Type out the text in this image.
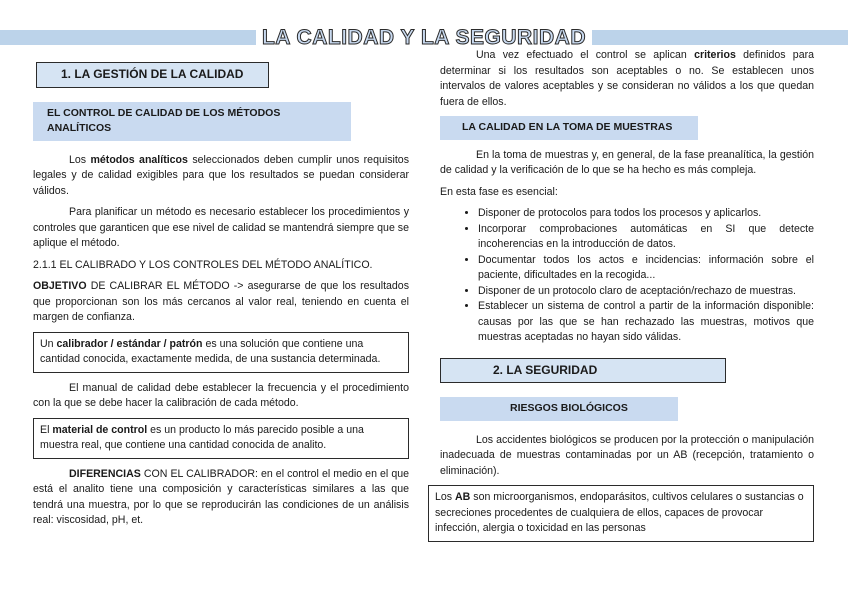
LA CALIDAD Y LA SEGURIDAD
1. LA GESTIÓN DE LA CALIDAD
EL CONTROL DE CALIDAD DE LOS MÉTODOS ANALÍTICOS

Los métodos analíticos seleccionados deben cumplir unos requisitos legales y de calidad exigibles para que los resultados se puedan considerar válidos.

Para planificar un método es necesario establecer los procedimientos y controles que garanticen que ese nivel de calidad se mantendrá siempre que se aplique el método.

2.1.1 EL CALIBRADO Y LOS CONTROLES DEL MÉTODO ANALÍTICO.

OBJETIVO DE CALIBRAR EL MÉTODO -> asegurarse de que los resultados que proporcionan son los más cercanos al valor real, teniendo en cuenta el margen de confianza.

Un calibrador / estándar / patrón es una solución que contiene una cantidad conocida, exactamente medida, de una sustancia determinada.

El manual de calidad debe establecer la frecuencia y el procedimiento con la que se debe hacer la calibración de cada método.

El material de control es un producto lo más parecido posible a una muestra real, que contiene una cantidad conocida de analito.

DIFERENCIAS CON EL CALIBRADOR: en el control el medio en el que está el analito tiene una composición y características similares a las que tendrá una muestra, por lo que se reproducirán las condiciones de un análisis real: viscosidad, pH, et.

Una vez efectuado el control se aplican criterios definidos para determinar si los resultados son aceptables o no. Se establecen unos intervalos de valores aceptables y se consideran no válidos a los que quedan fuera de ellos.

LA CALIDAD EN LA TOMA DE MUESTRAS

En la toma de muestras y, en general, de la fase preanalítica, la gestión de calidad y la verificación de lo que se ha hecho es más compleja.

En esta fase es esencial:

• Disponer de protocolos para todos los procesos y aplicarlos.
• Incorporar comprobaciones automáticas en SI que detecte incoherencias en la introducción de datos.
• Documentar todos los actos e incidencias: información sobre el paciente, dificultades en la recogida...
• Disponer de un protocolo claro de aceptación/rechazo de muestras.
• Establecer un sistema de control a partir de la información disponible: causas por las que se han rechazado las muestras, motivos que muestras aceptadas no hayan sido válidas.
2. LA SEGURIDAD
RIESGOS BIOLÓGICOS

Los accidentes biológicos se producen por la protección o manipulación inadecuada de muestras contaminadas por un AB (recepción, tratamiento o eliminación).

Los AB son microorganismos, endoparásitos, cultivos celulares o sustancias o secreciones procedentes de cualquiera de ellos, capaces de provocar infección, alergia o toxicidad en las personas
